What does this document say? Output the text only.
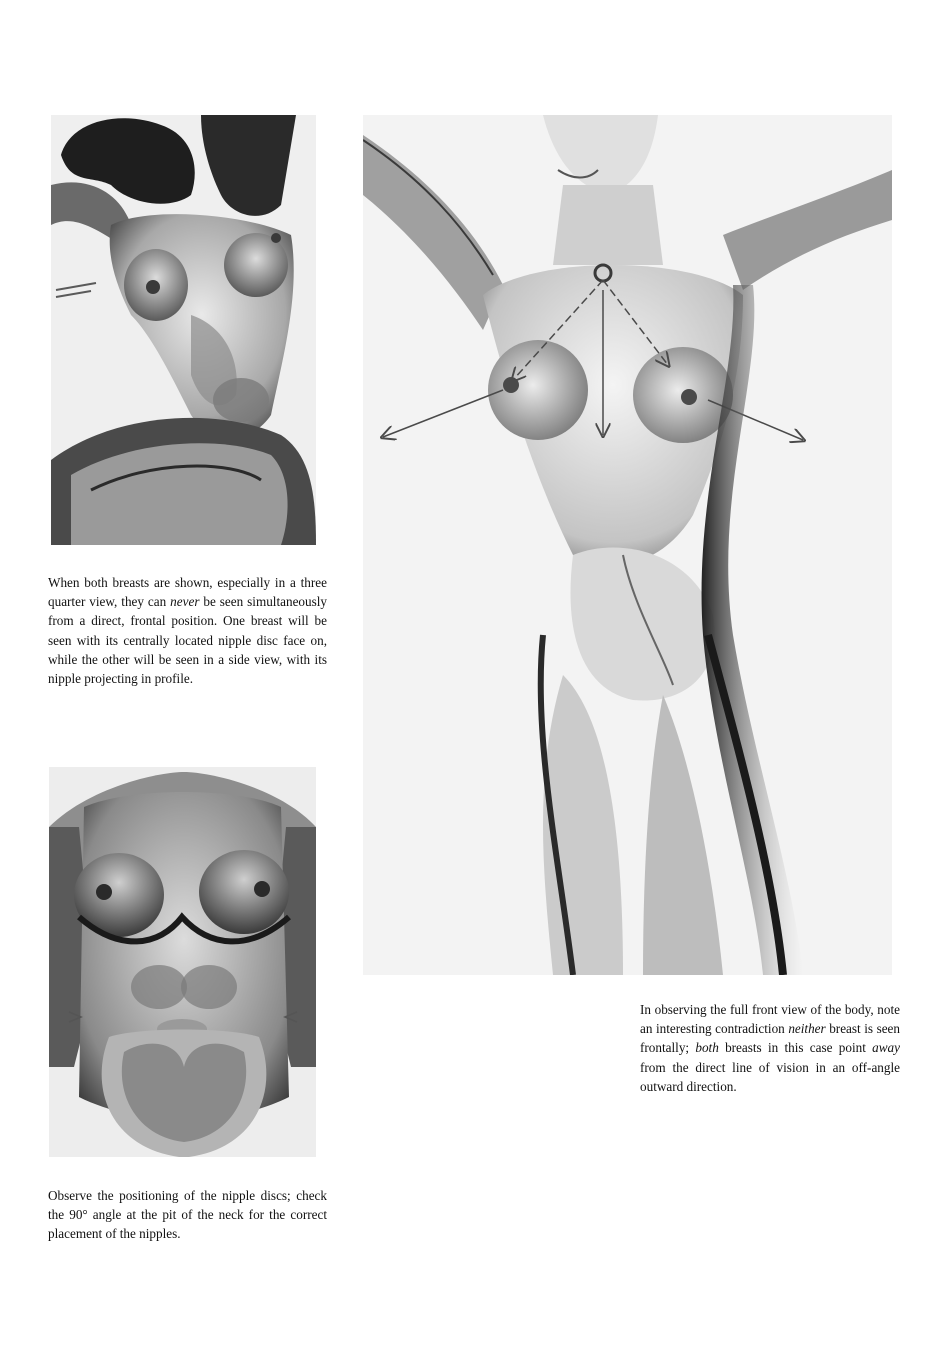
When both breasts are shown, especially in a three quarter view, they can never be seen simultaneously from a direct, frontal position. One breast will be seen with its centrally located nipple disc face on, while the other will be seen in a side view, with its nipple projecting in profile.
In observing the full front view of the body, note an interesting contradiction neither breast is seen frontally; both breasts in this case point away from the direct line of vision in an off-angle outward direction.
Observe the positioning of the nipple discs; check the 90° angle at the pit of the neck for the correct placement of the nipples.
